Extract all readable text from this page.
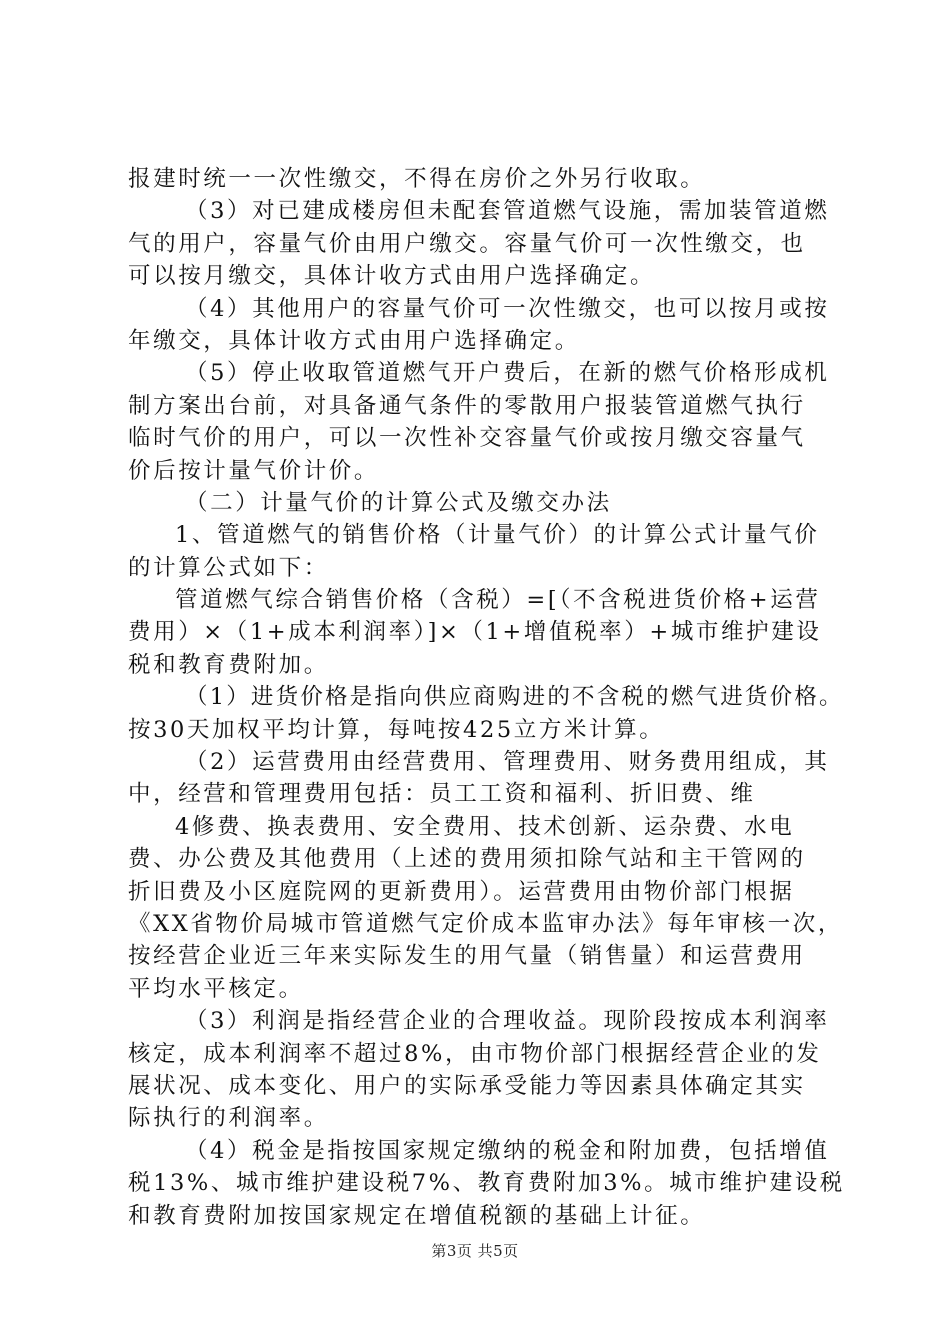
报建时统一一次性缴交，不得在房价之外另行收取。
（3）对已建成楼房但未配套管道燃气设施，需加装管道燃
气的用户，容量气价由用户缴交。容量气价可一次性缴交，也
可以按月缴交，具体计收方式由用户选择确定。
（4）其他用户的容量气价可一次性缴交，也可以按月或按
年缴交，具体计收方式由用户选择确定。
（5）停止收取管道燃气开户费后，在新的燃气价格形成机
制方案出台前，对具备通气条件的零散用户报装管道燃气执行
临时气价的用户，可以一次性补交容量气价或按月缴交容量气
价后按计量气价计价。
（二）计量气价的计算公式及缴交办法
1、管道燃气的销售价格（计量气价）的计算公式计量气价
的计算公式如下：
管道燃气综合销售价格（含税）=[（不含税进货价格+运营
费用）×（1+成本利润率）]×（1+增值税率）+城市维护建设
税和教育费附加。
（1）进货价格是指向供应商购进的不含税的燃气进货价格。
按30天加权平均计算，每吨按425立方米计算。
（2）运营费用由经营费用、管理费用、财务费用组成，其
中，经营和管理费用包括：员工工资和福利、折旧费、维
4修费、换表费用、安全费用、技术创新、运杂费、水电
费、办公费及其他费用（上述的费用须扣除气站和主干管网的
折旧费及小区庭院网的更新费用）。运营费用由物价部门根据
《XX省物价局城市管道燃气定价成本监审办法》每年审核一次，
按经营企业近三年来实际发生的用气量（销售量）和运营费用
平均水平核定。
（3）利润是指经营企业的合理收益。现阶段按成本利润率
核定，成本利润率不超过8%，由市物价部门根据经营企业的发
展状况、成本变化、用户的实际承受能力等因素具体确定其实
际执行的利润率。
（4）税金是指按国家规定缴纳的税金和附加费，包括增值
税13%、城市维护建设税7%、教育费附加3%。城市维护建设税
和教育费附加按国家规定在增值税额的基础上计征。
第3页 共5页
